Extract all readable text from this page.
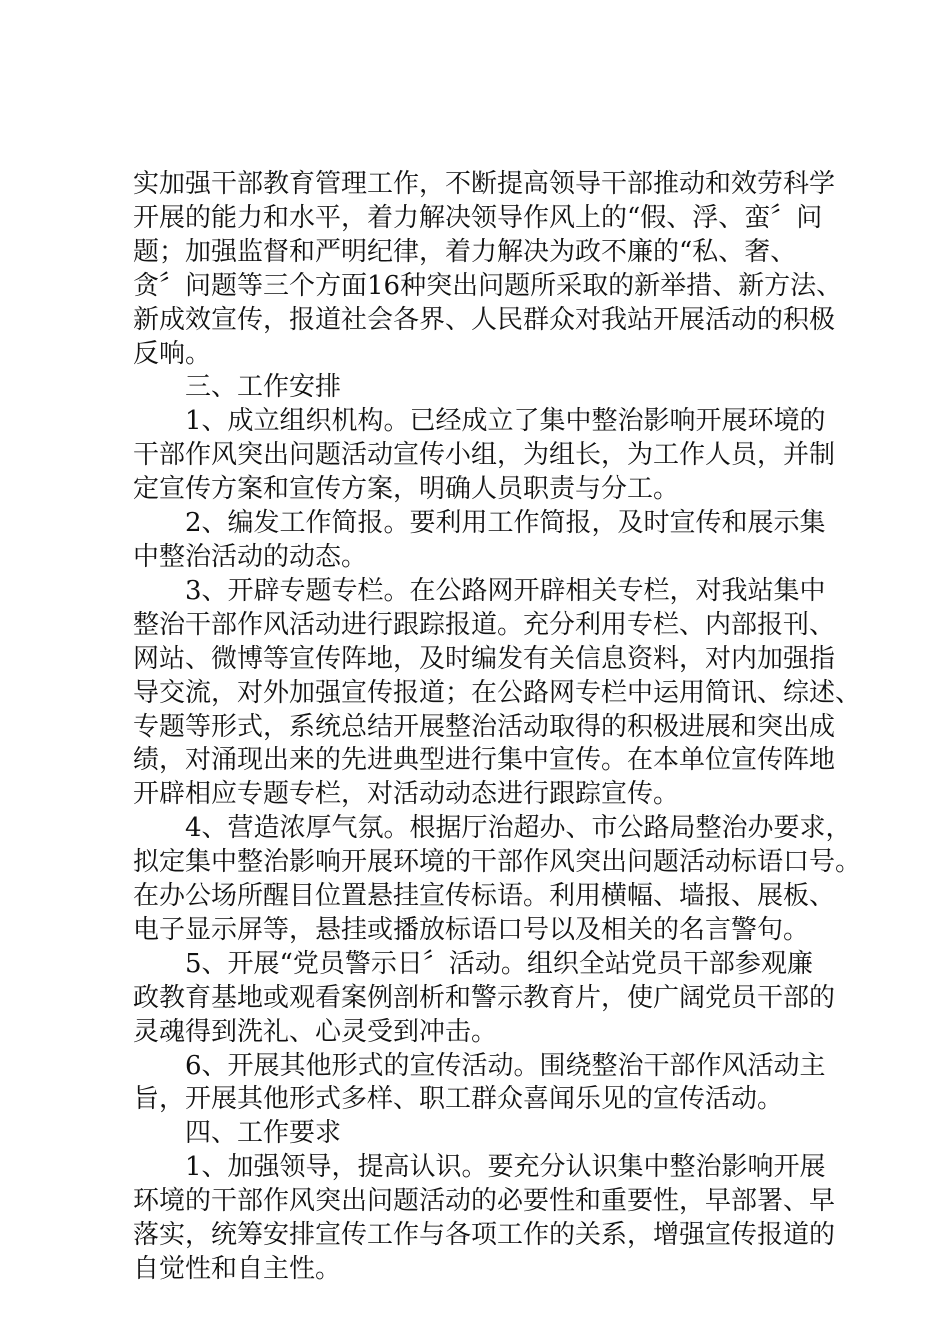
实加强干部教育管理工作，不断提高领导干部推动和效劳科学
开展的能力和水平，着力解决领导作风上的“假、浮、蛮〞问
题；加强监督和严明纪律，着力解决为政不廉的“私、奢、
贪〞问题等三个方面16种突出问题所采取的新举措、新方法、
新成效宣传，报道社会各界、人民群众对我站开展活动的积极
反响。
三、工作安排
1、成立组织机构。已经成立了集中整治影响开展环境的
干部作风突出问题活动宣传小组，为组长，为工作人员，并制
定宣传方案和宣传方案，明确人员职责与分工。
2、编发工作简报。要利用工作简报，及时宣传和展示集
中整治活动的动态。
3、开辟专题专栏。在公路网开辟相关专栏，对我站集中
整治干部作风活动进行跟踪报道。充分利用专栏、内部报刊、
网站、微博等宣传阵地，及时编发有关信息资料，对内加强指
导交流，对外加强宣传报道；在公路网专栏中运用简讯、综述、
专题等形式，系统总结开展整治活动取得的积极进展和突出成
绩，对涌现出来的先进典型进行集中宣传。在本单位宣传阵地
开辟相应专题专栏，对活动动态进行跟踪宣传。
4、营造浓厚气氛。根据厅治超办、市公路局整治办要求，
拟定集中整治影响开展环境的干部作风突出问题活动标语口号。
在办公场所醒目位置悬挂宣传标语。利用横幅、墙报、展板、
电子显示屏等，悬挂或播放标语口号以及相关的名言警句。
5、开展“党员警示日〞活动。组织全站党员干部参观廉
政教育基地或观看案例剖析和警示教育片，使广阔党员干部的
灵魂得到洗礼、心灵受到冲击。
6、开展其他形式的宣传活动。围绕整治干部作风活动主
旨，开展其他形式多样、职工群众喜闻乐见的宣传活动。
四、工作要求
1、加强领导，提高认识。要充分认识集中整治影响开展
环境的干部作风突出问题活动的必要性和重要性，早部署、早
落实，统筹安排宣传工作与各项工作的关系，增强宣传报道的
自觉性和自主性。
